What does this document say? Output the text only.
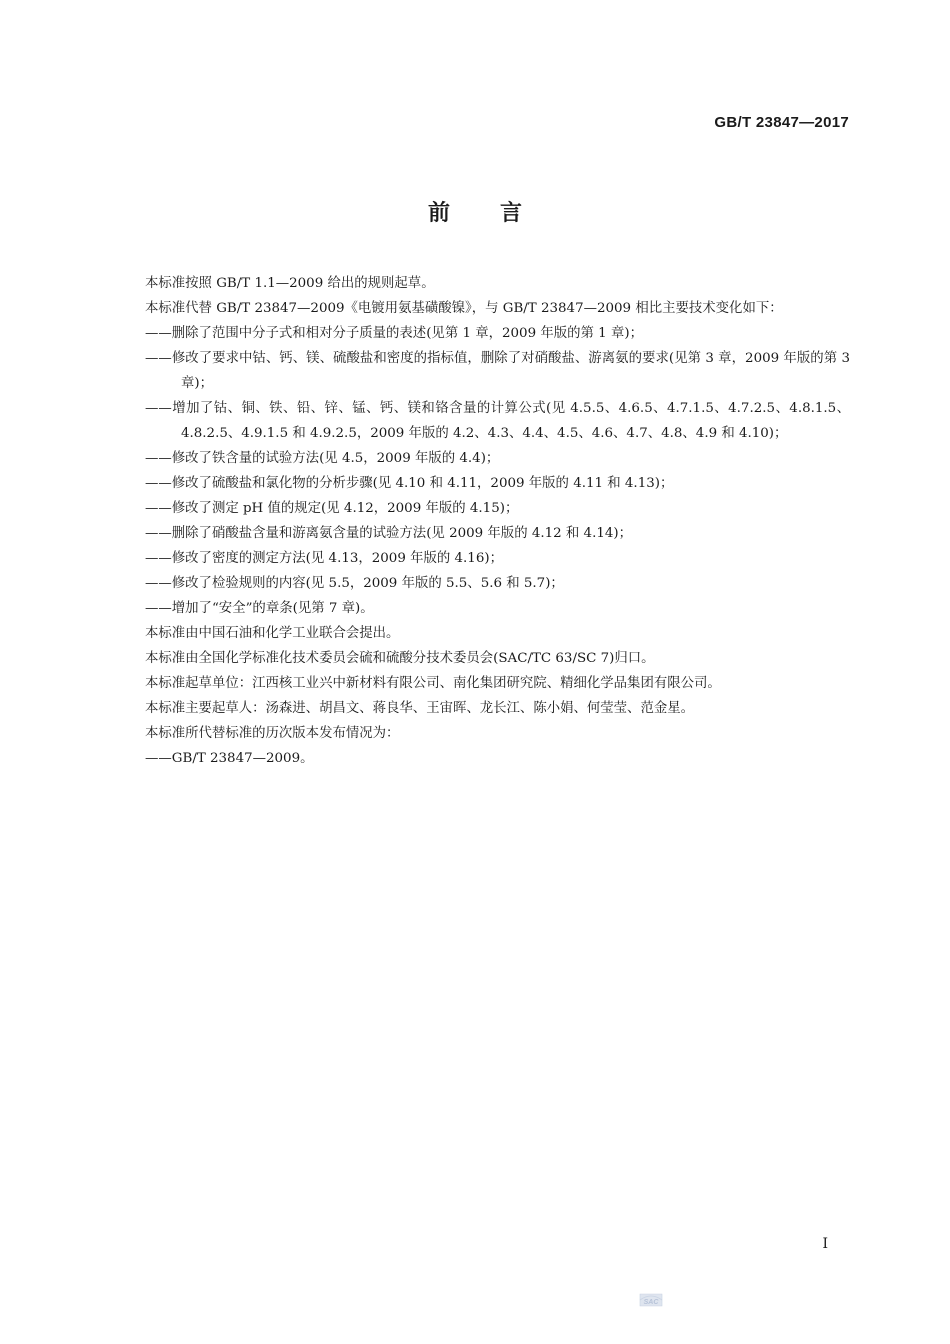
GB/T 23847—2017
前 言

本标准按照 GB/T 1.1—2009 给出的规则起草。

本标准代替 GB/T 23847—2009《电镀用氨基磺酸镍》，与 GB/T 23847—2009 相比主要技术变化如下：

——删除了范围中分子式和相对分子质量的表述(见第 1 章，2009 年版的第 1 章)；

——修改了要求中钴、钙、镁、硫酸盐和密度的指标值，删除了对硝酸盐、游离氨的要求(见第 3 章，2009 年版的第 3 章)；

——增加了钴、铜、铁、铅、锌、锰、钙、镁和铬含量的计算公式(见 4.5.5、4.6.5、4.7.1.5、4.7.2.5、4.8.1.5、4.8.2.5、4.9.1.5 和 4.9.2.5，2009 年版的 4.2、4.3、4.4、4.5、4.6、4.7、4.8、4.9 和 4.10)；

——修改了铁含量的试验方法(见 4.5，2009 年版的 4.4)；

——修改了硫酸盐和氯化物的分析步骤(见 4.10 和 4.11，2009 年版的 4.11 和 4.13)；

——修改了测定 pH 值的规定(见 4.12，2009 年版的 4.15)；

——删除了硝酸盐含量和游离氨含量的试验方法(见 2009 年版的 4.12 和 4.14)；

——修改了密度的测定方法(见 4.13，2009 年版的 4.16)；

——修改了检验规则的内容(见 5.5，2009 年版的 5.5、5.6 和 5.7)；

——增加了“安全”的章条(见第 7 章)。

本标准由中国石油和化学工业联合会提出。

本标准由全国化学标准化技术委员会硫和硫酸分技术委员会(SAC/TC 63/SC 7)归口。

本标准起草单位：江西核工业兴中新材料有限公司、南化集团研究院、精细化学品集团有限公司。

本标准主要起草人：汤森进、胡昌文、蒋良华、王宙晖、龙长江、陈小娟、何莹莹、范金星。

本标准所代替标准的历次版本发布情况为：

——GB/T 23847—2009。

I
SAC
